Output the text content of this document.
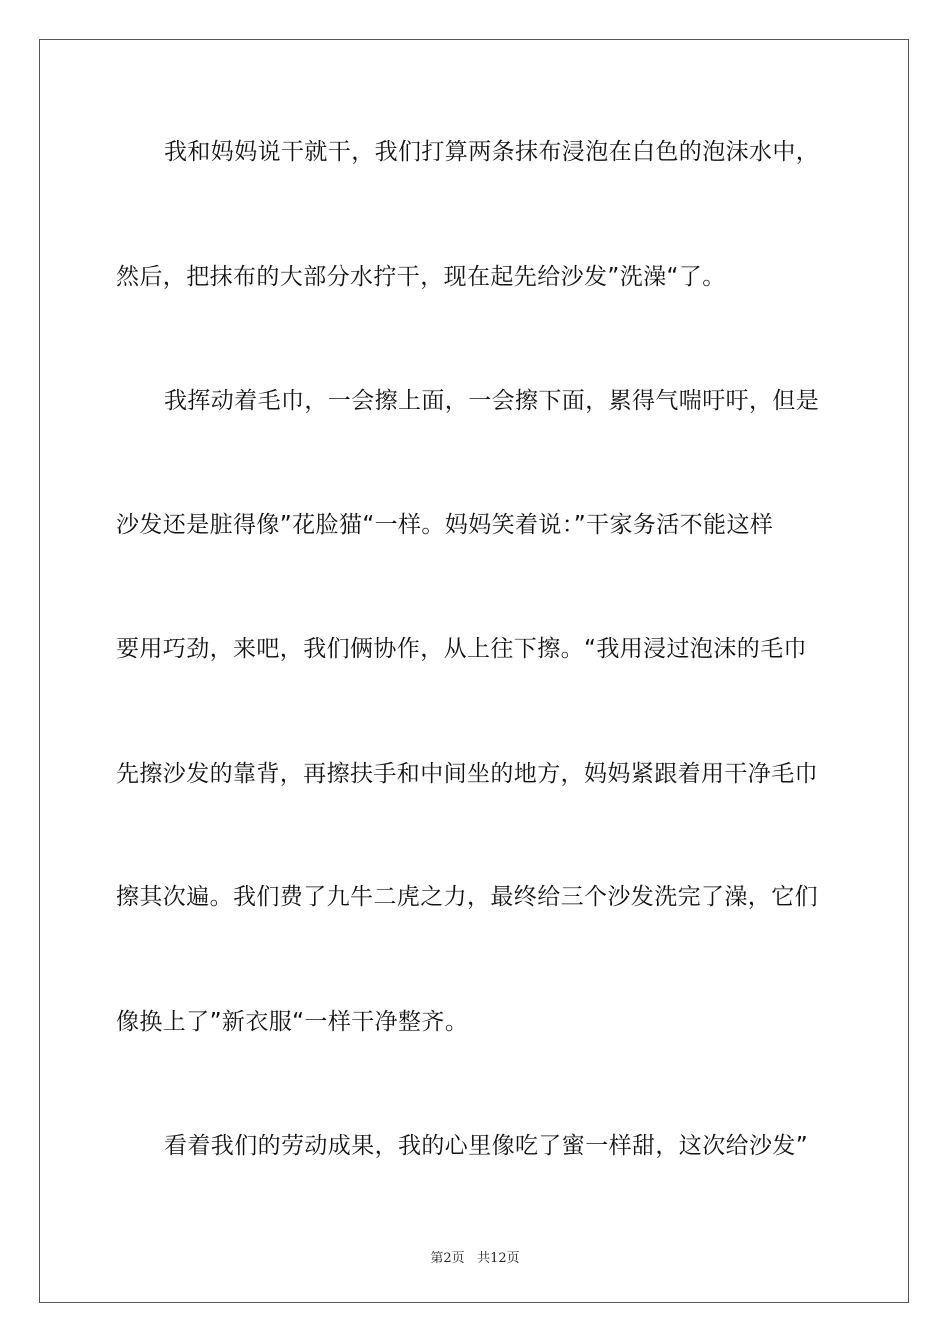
我和妈妈说干就干，我们打算两条抹布浸泡在白色的泡沫水中，
然后，把抹布的大部分水拧干，现在起先给沙发”洗澡“了。
我挥动着毛巾，一会擦上面，一会擦下面，累得气喘吁吁，但是
沙发还是脏得像”花脸猫“一样。妈妈笑着说：”干家务活不能这样
要用巧劲，来吧，我们俩协作，从上往下擦。“我用浸过泡沫的毛巾
先擦沙发的靠背，再擦扶手和中间坐的地方，妈妈紧跟着用干净毛巾
擦其次遍。我们费了九牛二虎之力，最终给三个沙发洗完了澡，它们
像换上了”新衣服“一样干净整齐。
看着我们的劳动成果，我的心里像吃了蜜一样甜，这次给沙发”
第2页 共12页
